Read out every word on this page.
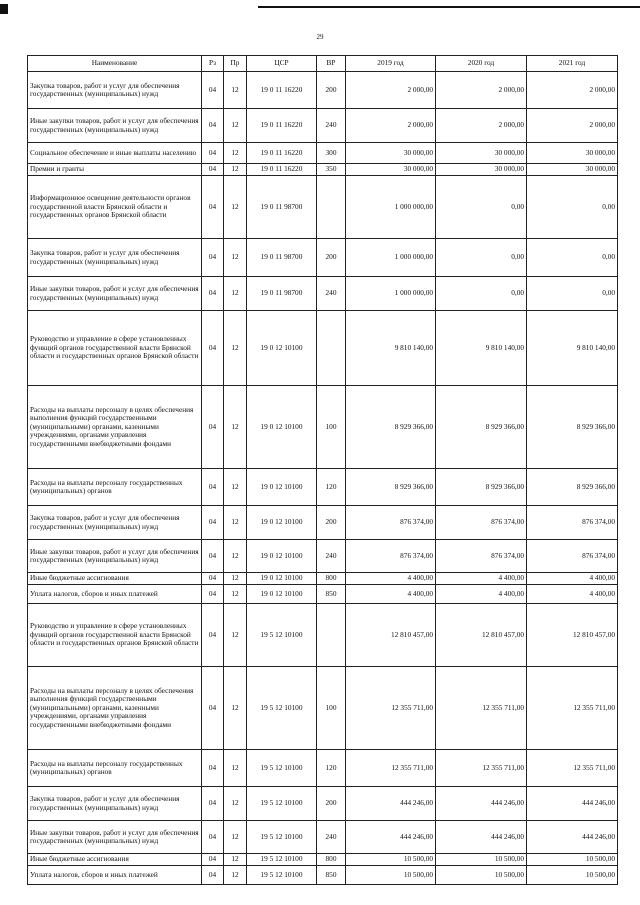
29
Наименование	Рз	Пр	ЦСР	ВР	2019 год	2020 год	2021 год
Закупка товаров, работ и услуг для обеспечения государственных (муниципальных) нужд	04	12	19 0 11 16220	200	2 000,00	2 000,00	2 000,00
Иные закупки товаров, работ и услуг для обеспечения государственных (муниципальных) нужд	04	12	19 0 11 16220	240	2 000,00	2 000,00	2 000,00
Социальное обеспечение и иные выплаты населению	04	12	19 0 11 16220	300	30 000,00	30 000,00	30 000,00
Премии и гранты	04	12	19 0 11 16220	350	30 000,00	30 000,00	30 000,00
Информационное освещение деятельности органов государственной власти Брянской области и государственных органов Брянской области	04	12	19 0 11 98700		1 000 000,00	0,00	0,00
Закупка товаров, работ и услуг для обеспечения государственных (муниципальных) нужд	04	12	19 0 11 98700	200	1 000 000,00	0,00	0,00
Иные закупки товаров, работ и услуг для обеспечения государственных (муниципальных) нужд	04	12	19 0 11 98700	240	1 000 000,00	0,00	0,00
Руководство и управление в сфере установленных функций органов государственной власти Брянской области и государственных органов Брянской области	04	12	19 0 12 10100		9 810 140,00	9 810 140,00	9 810 140,00
Расходы на выплаты персоналу в целях обеспечения выполнения функций государственными (муниципальными) органами, казенными учреждениями, органами управления государственными внебюджетными фондами	04	12	19 0 12 10100	100	8 929 366,00	8 929 366,00	8 929 366,00
Расходы на выплаты персоналу государственных (муниципальных) органов	04	12	19 0 12 10100	120	8 929 366,00	8 929 366,00	8 929 366,00
Закупка товаров, работ и услуг для обеспечения государственных (муниципальных) нужд	04	12	19 0 12 10100	200	876 374,00	876 374,00	876 374,00
Иные закупки товаров, работ и услуг для обеспечения государственных (муниципальных) нужд	04	12	19 0 12 10100	240	876 374,00	876 374,00	876 374,00
Иные бюджетные ассигнования	04	12	19 0 12 10100	800	4 400,00	4 400,00	4 400,00
Уплата налогов, сборов и иных платежей	04	12	19 0 12 10100	850	4 400,00	4 400,00	4 400,00
Руководство и управление в сфере установленных функций органов государственной власти Брянской области и государственных органов Брянской области	04	12	19 5 12 10100		12 810 457,00	12 810 457,00	12 810 457,00
Расходы на выплаты персоналу в целях обеспечения выполнения функций государственными (муниципальными) органами, казенными учреждениями, органами управления государственными внебюджетными фондами	04	12	19 5 12 10100	100	12 355 711,00	12 355 711,00	12 355 711,00
Расходы на выплаты персоналу государственных (муниципальных) органов	04	12	19 5 12 10100	120	12 355 711,00	12 355 711,00	12 355 711,00
Закупка товаров, работ и услуг для обеспечения государственных (муниципальных) нужд	04	12	19 5 12 10100	200	444 246,00	444 246,00	444 246,00
Иные закупки товаров, работ и услуг для обеспечения государственных (муниципальных) нужд	04	12	19 5 12 10100	240	444 246,00	444 246,00	444 246,00
Иные бюджетные ассигнования	04	12	19 5 12 10100	800	10 500,00	10 500,00	10 500,00
Уплата налогов, сборов и иных платежей	04	12	19 5 12 10100	850	10 500,00	10 500,00	10 500,00
